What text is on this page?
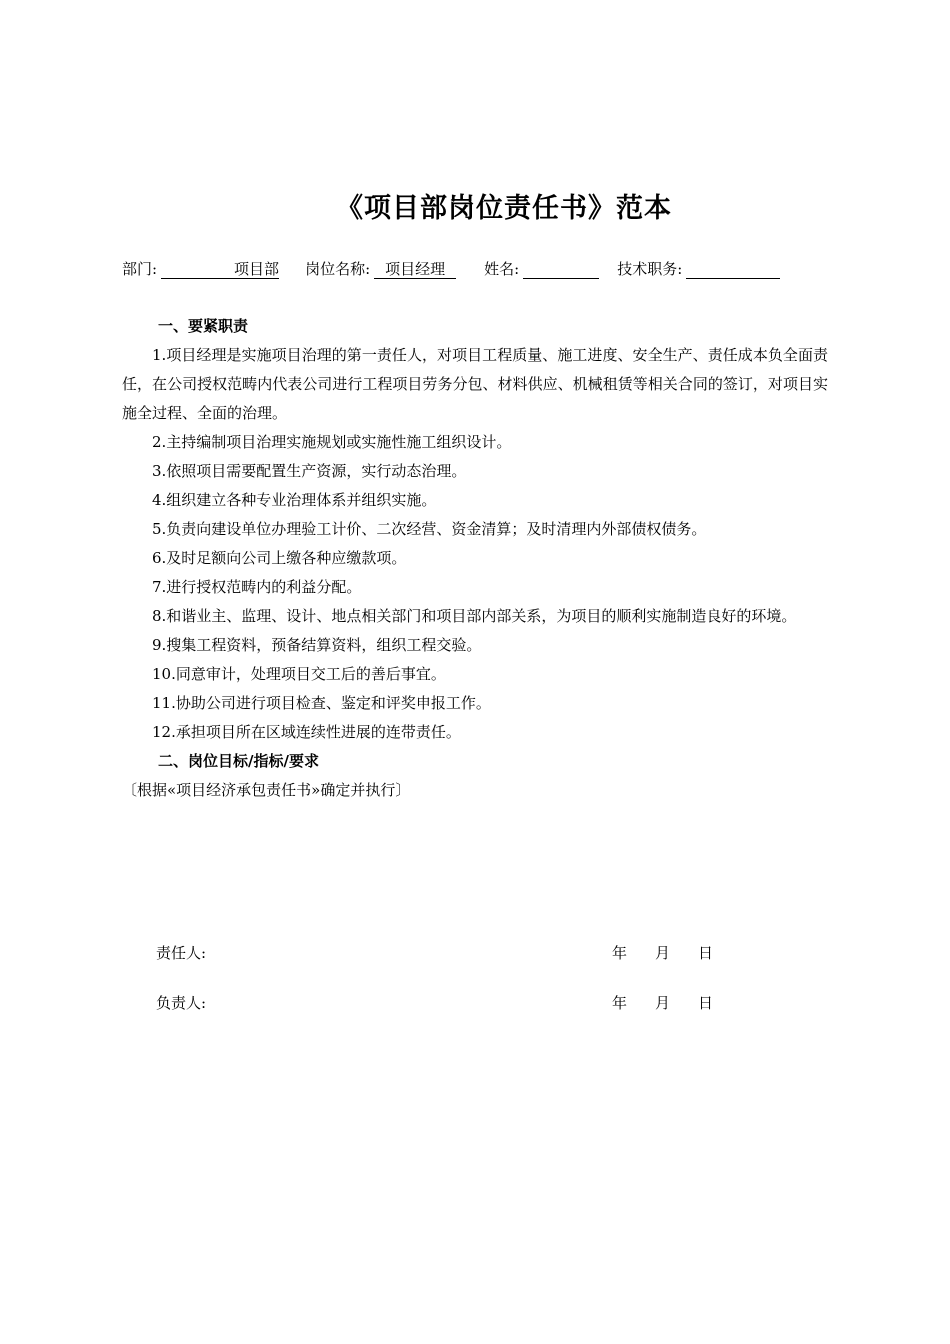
《项目部岗位责任书》范本
部门:	项目部 岗位名称: 项目经理	姓名:	技术职务:
一、要紧职责

1.项目经理是实施项目治理的第一责任人，对项目工程质量、施工进度、安全生产、责任成本负全面责任，在公司授权范畴内代表公司进行工程项目劳务分包、材料供应、机械租赁等相关合同的签订，对项目实施全过程、全面的治理。

2.主持编制项目治理实施规划或实施性施工组织设计。

3.依照项目需要配置生产资源，实行动态治理。

4.组织建立各种专业治理体系并组织实施。

5.负责向建设单位办理验工计价、二次经营、资金清算；及时清理内外部债权债务。

6.及时足额向公司上缴各种应缴款项。

7.进行授权范畴内的利益分配。

8.和谐业主、监理、设计、地点相关部门和项目部内部关系，为项目的顺利实施制造良好的环境。

9.搜集工程资料，预备结算资料，组织工程交验。

10.同意审计，处理项目交工后的善后事宜。

11.协助公司进行项目检查、鉴定和评奖申报工作。

12.承担项目所在区域连续性进展的连带责任。

二、岗位目标/指标/要求
〔根据«项目经济承包责任书»确定并执行〕
责任人:	年 月 日
负责人:	年 月 日
